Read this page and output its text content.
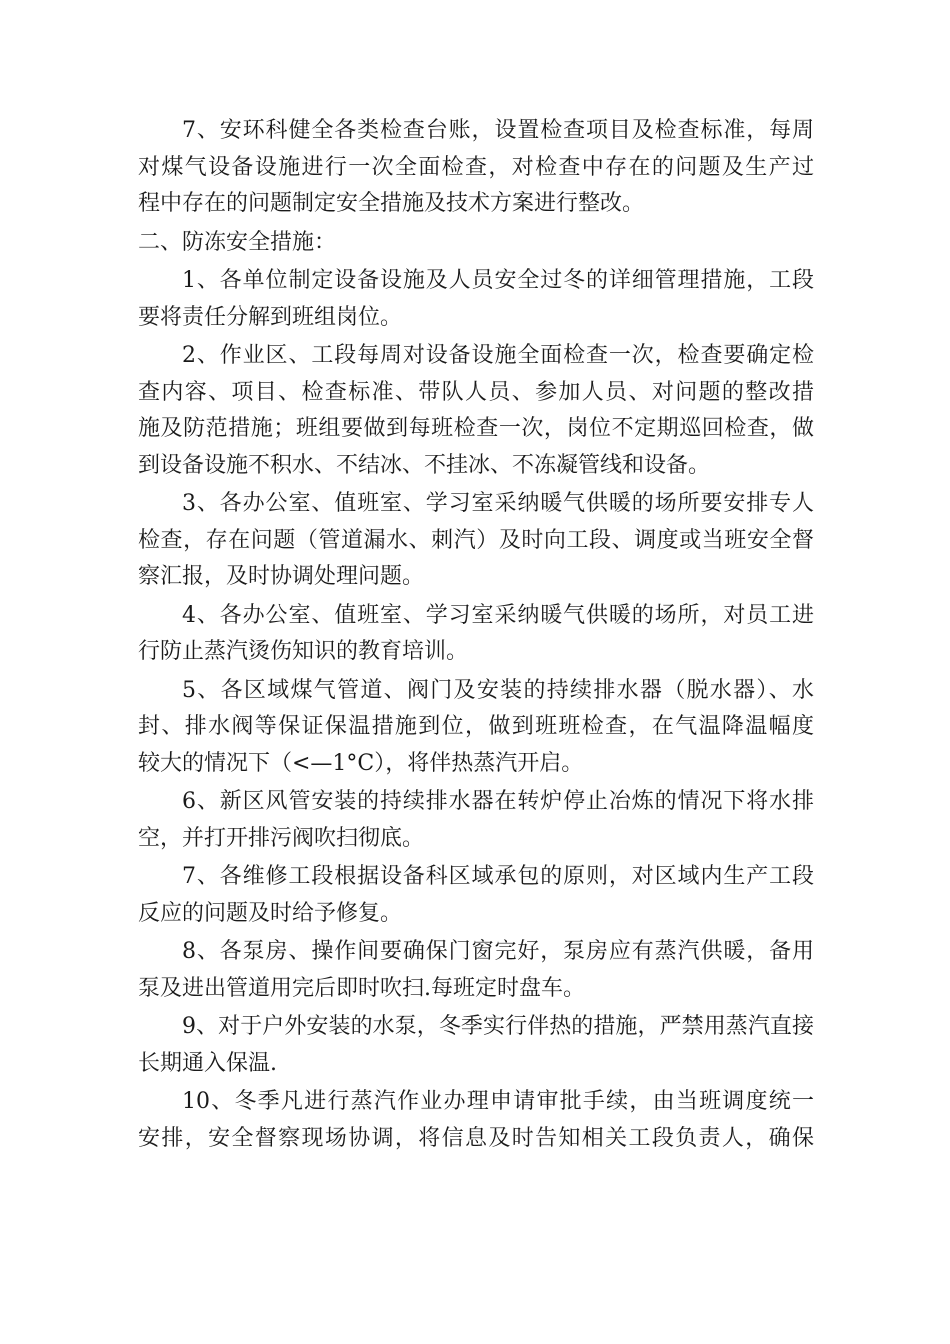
7、安环科健全各类检查台账，设置检查项目及检查标准，每周
对煤气设备设施进行一次全面检查，对检查中存在的问题及生产过
程中存在的问题制定安全措施及技术方案进行整改。
二、防冻安全措施：
1、各单位制定设备设施及人员安全过冬的详细管理措施，工段
要将责任分解到班组岗位。
2、作业区、工段每周对设备设施全面检查一次，检查要确定检
查内容、项目、检查标准、带队人员、参加人员、对问题的整改措
施及防范措施；班组要做到每班检查一次，岗位不定期巡回检查，做
到设备设施不积水、不结冰、不挂冰、不冻凝管线和设备。
3、各办公室、值班室、学习室采纳暖气供暖的场所要安排专人
检查，存在问题（管道漏水、刺汽）及时向工段、调度或当班安全督
察汇报，及时协调处理问题。
4、各办公室、值班室、学习室采纳暖气供暖的场所，对员工进
行防止蒸汽烫伤知识的教育培训。
5、各区域煤气管道、阀门及安装的持续排水器（脱水器）、水
封、排水阀等保证保温措施到位，做到班班检查，在气温降温幅度
较大的情况下（<—1°C），将伴热蒸汽开启。
6、新区风管安装的持续排水器在转炉停止冶炼的情况下将水排
空，并打开排污阀吹扫彻底。
7、各维修工段根据设备科区域承包的原则，对区域内生产工段
反应的问题及时给予修复。
8、各泵房、操作间要确保门窗完好，泵房应有蒸汽供暖，备用
泵及进出管道用完后即时吹扫.每班定时盘车。
9、对于户外安装的水泵，冬季实行伴热的措施，严禁用蒸汽直接
长期通入保温.
10、冬季凡进行蒸汽作业办理申请审批手续，由当班调度统一
安排，安全督察现场协调，将信息及时告知相关工段负责人，确保
